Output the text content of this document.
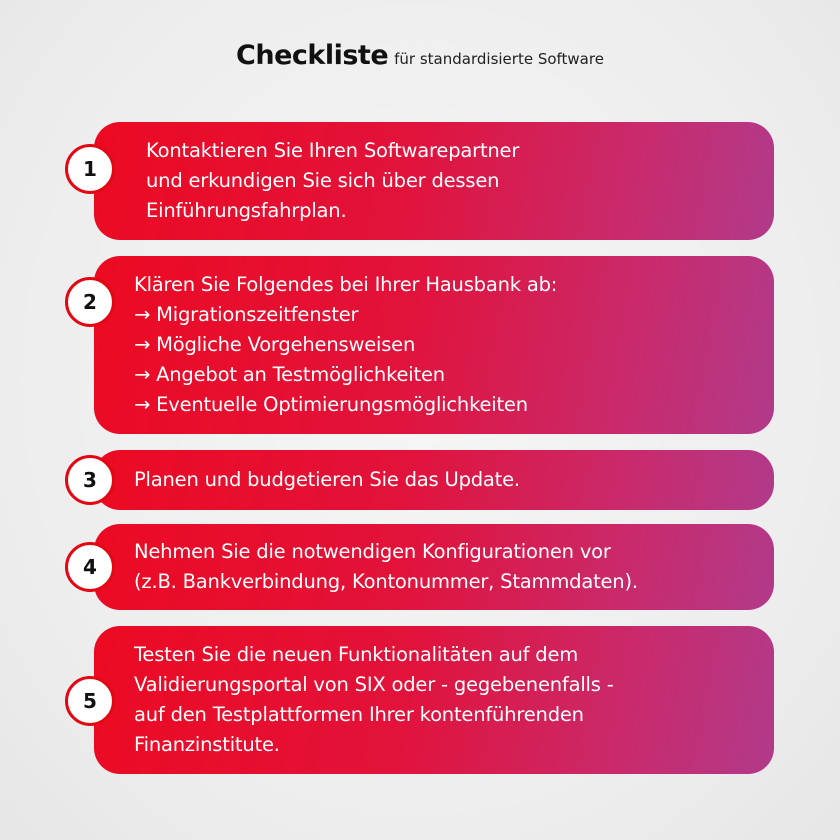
Checkliste für standardisierte Software
Kontaktieren Sie Ihren Softwarepartner
und erkundigen Sie sich über dessen
Einführungsfahrplan.
1
Klären Sie Folgendes bei Ihrer Hausbank ab:
→ Migrationszeitfenster
→ Mögliche Vorgehensweisen
→ Angebot an Testmöglichkeiten
→ Eventuelle Optimierungsmöglichkeiten
2
Planen und budgetieren Sie das Update.
3
Nehmen Sie die notwendigen Konfigurationen vor
(z.B. Bankverbindung, Kontonummer, Stammdaten).
4
Testen Sie die neuen Funktionalitäten auf dem
Validierungsportal von SIX oder - gegebenenfalls -
auf den Testplattformen Ihrer kontenführenden
Finanzinstitute.
5
